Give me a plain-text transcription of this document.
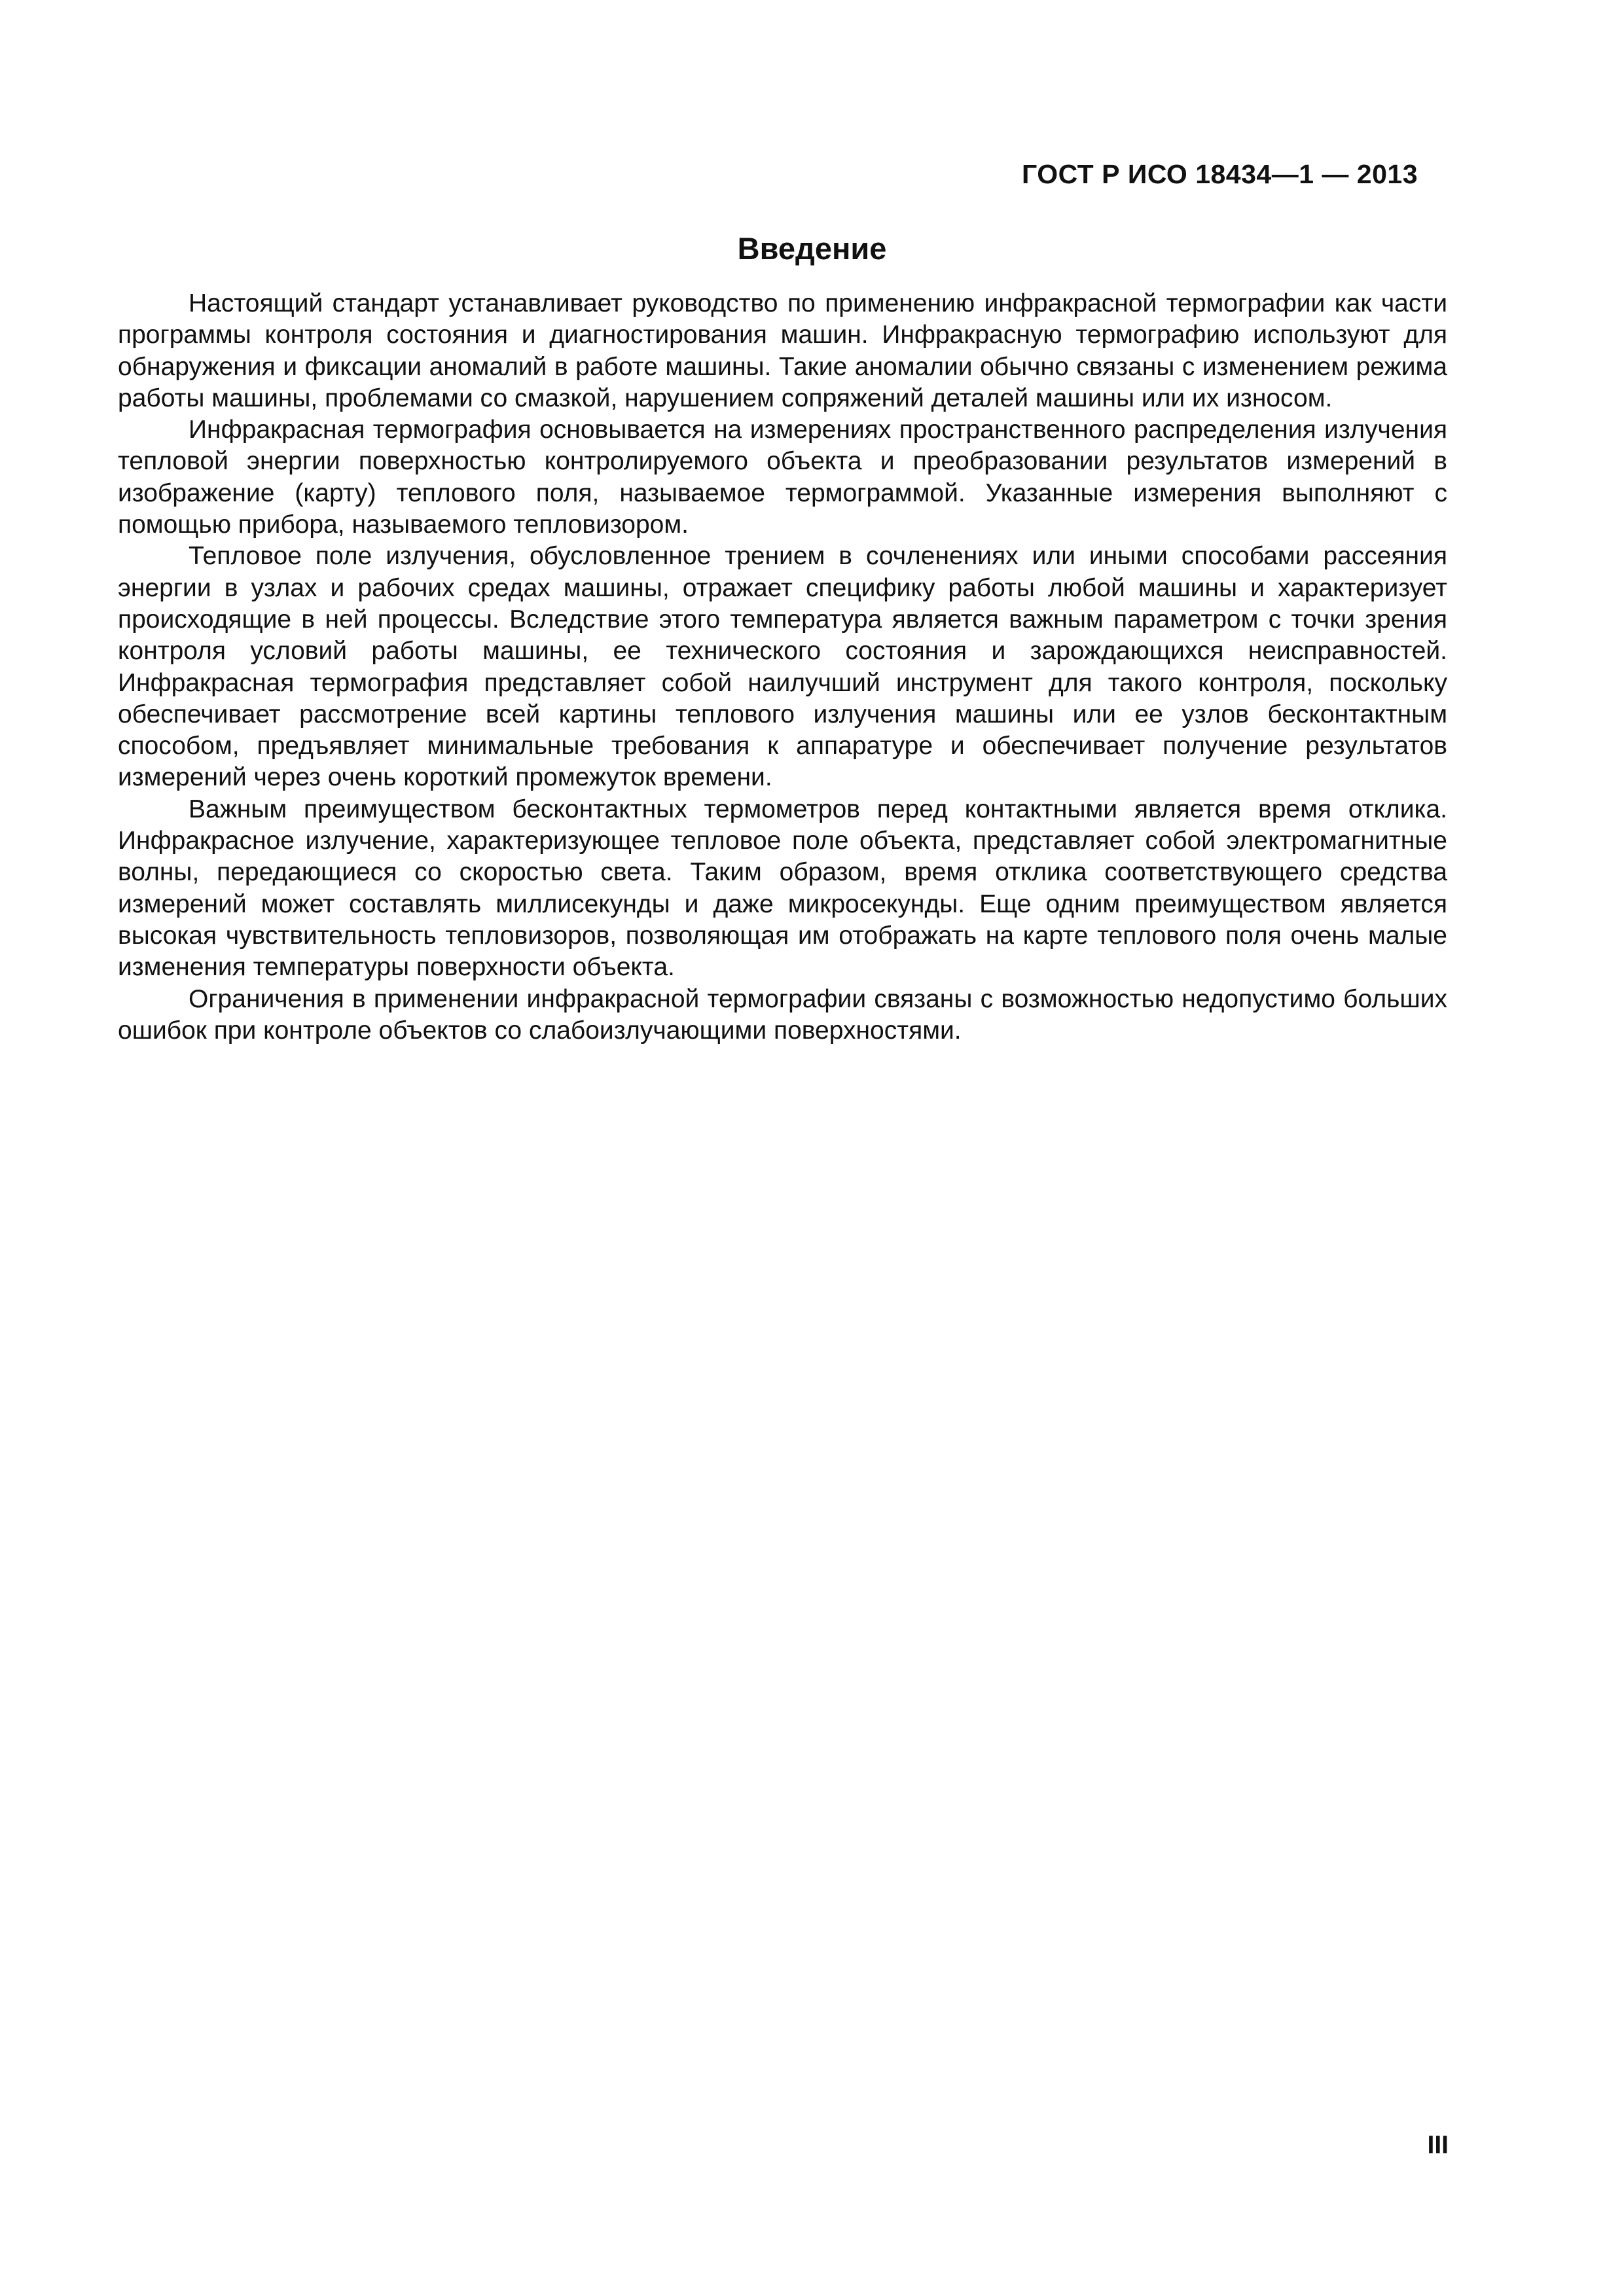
ГОСТ Р ИСО 18434—1 — 2013
Введение

Настоящий стандарт устанавливает руководство по применению инфракрасной термографии как части программы контроля состояния и диагностирования машин. Инфракрасную термографию используют для обнаружения и фиксации аномалий в работе машины. Такие аномалии обычно связаны с изменением режима работы машины, проблемами со смазкой, нарушением сопряжений деталей машины или их износом.

Инфракрасная термография основывается на измерениях пространственного распределения излучения тепловой энергии поверхностью контролируемого объекта и преобразовании результатов измерений в изображение (карту) теплового поля, называемое термограммой. Указанные измерения выполняют с помощью прибора, называемого тепловизором.

Тепловое поле излучения, обусловленное трением в сочленениях или иными способами рассеяния энергии в узлах и рабочих средах машины, отражает специфику работы любой машины и характеризует происходящие в ней процессы. Вследствие этого температура является важным параметром с точки зрения контроля условий работы машины, ее технического состояния и зарождающихся неисправностей. Инфракрасная термография представляет собой наилучший инструмент для такого контроля, поскольку обеспечивает рассмотрение всей картины теплового излучения машины или ее узлов бесконтактным способом, предъявляет минимальные требования к аппаратуре и обеспечивает получение результатов измерений через очень короткий промежуток времени.

Важным преимуществом бесконтактных термометров перед контактными является время отклика. Инфракрасное излучение, характеризующее тепловое поле объекта, представляет собой электромагнитные волны, передающиеся со скоростью света. Таким образом, время отклика соответствующего средства измерений может составлять миллисекунды и даже микросекунды. Еще одним преимуществом является высокая чувствительность тепловизоров, позволяющая им отображать на карте теплового поля очень малые изменения температуры поверхности объекта.

Ограничения в применении инфракрасной термографии связаны с возможностью недопустимо больших ошибок при контроле объектов со слабоизлучающими поверхностями.

III
